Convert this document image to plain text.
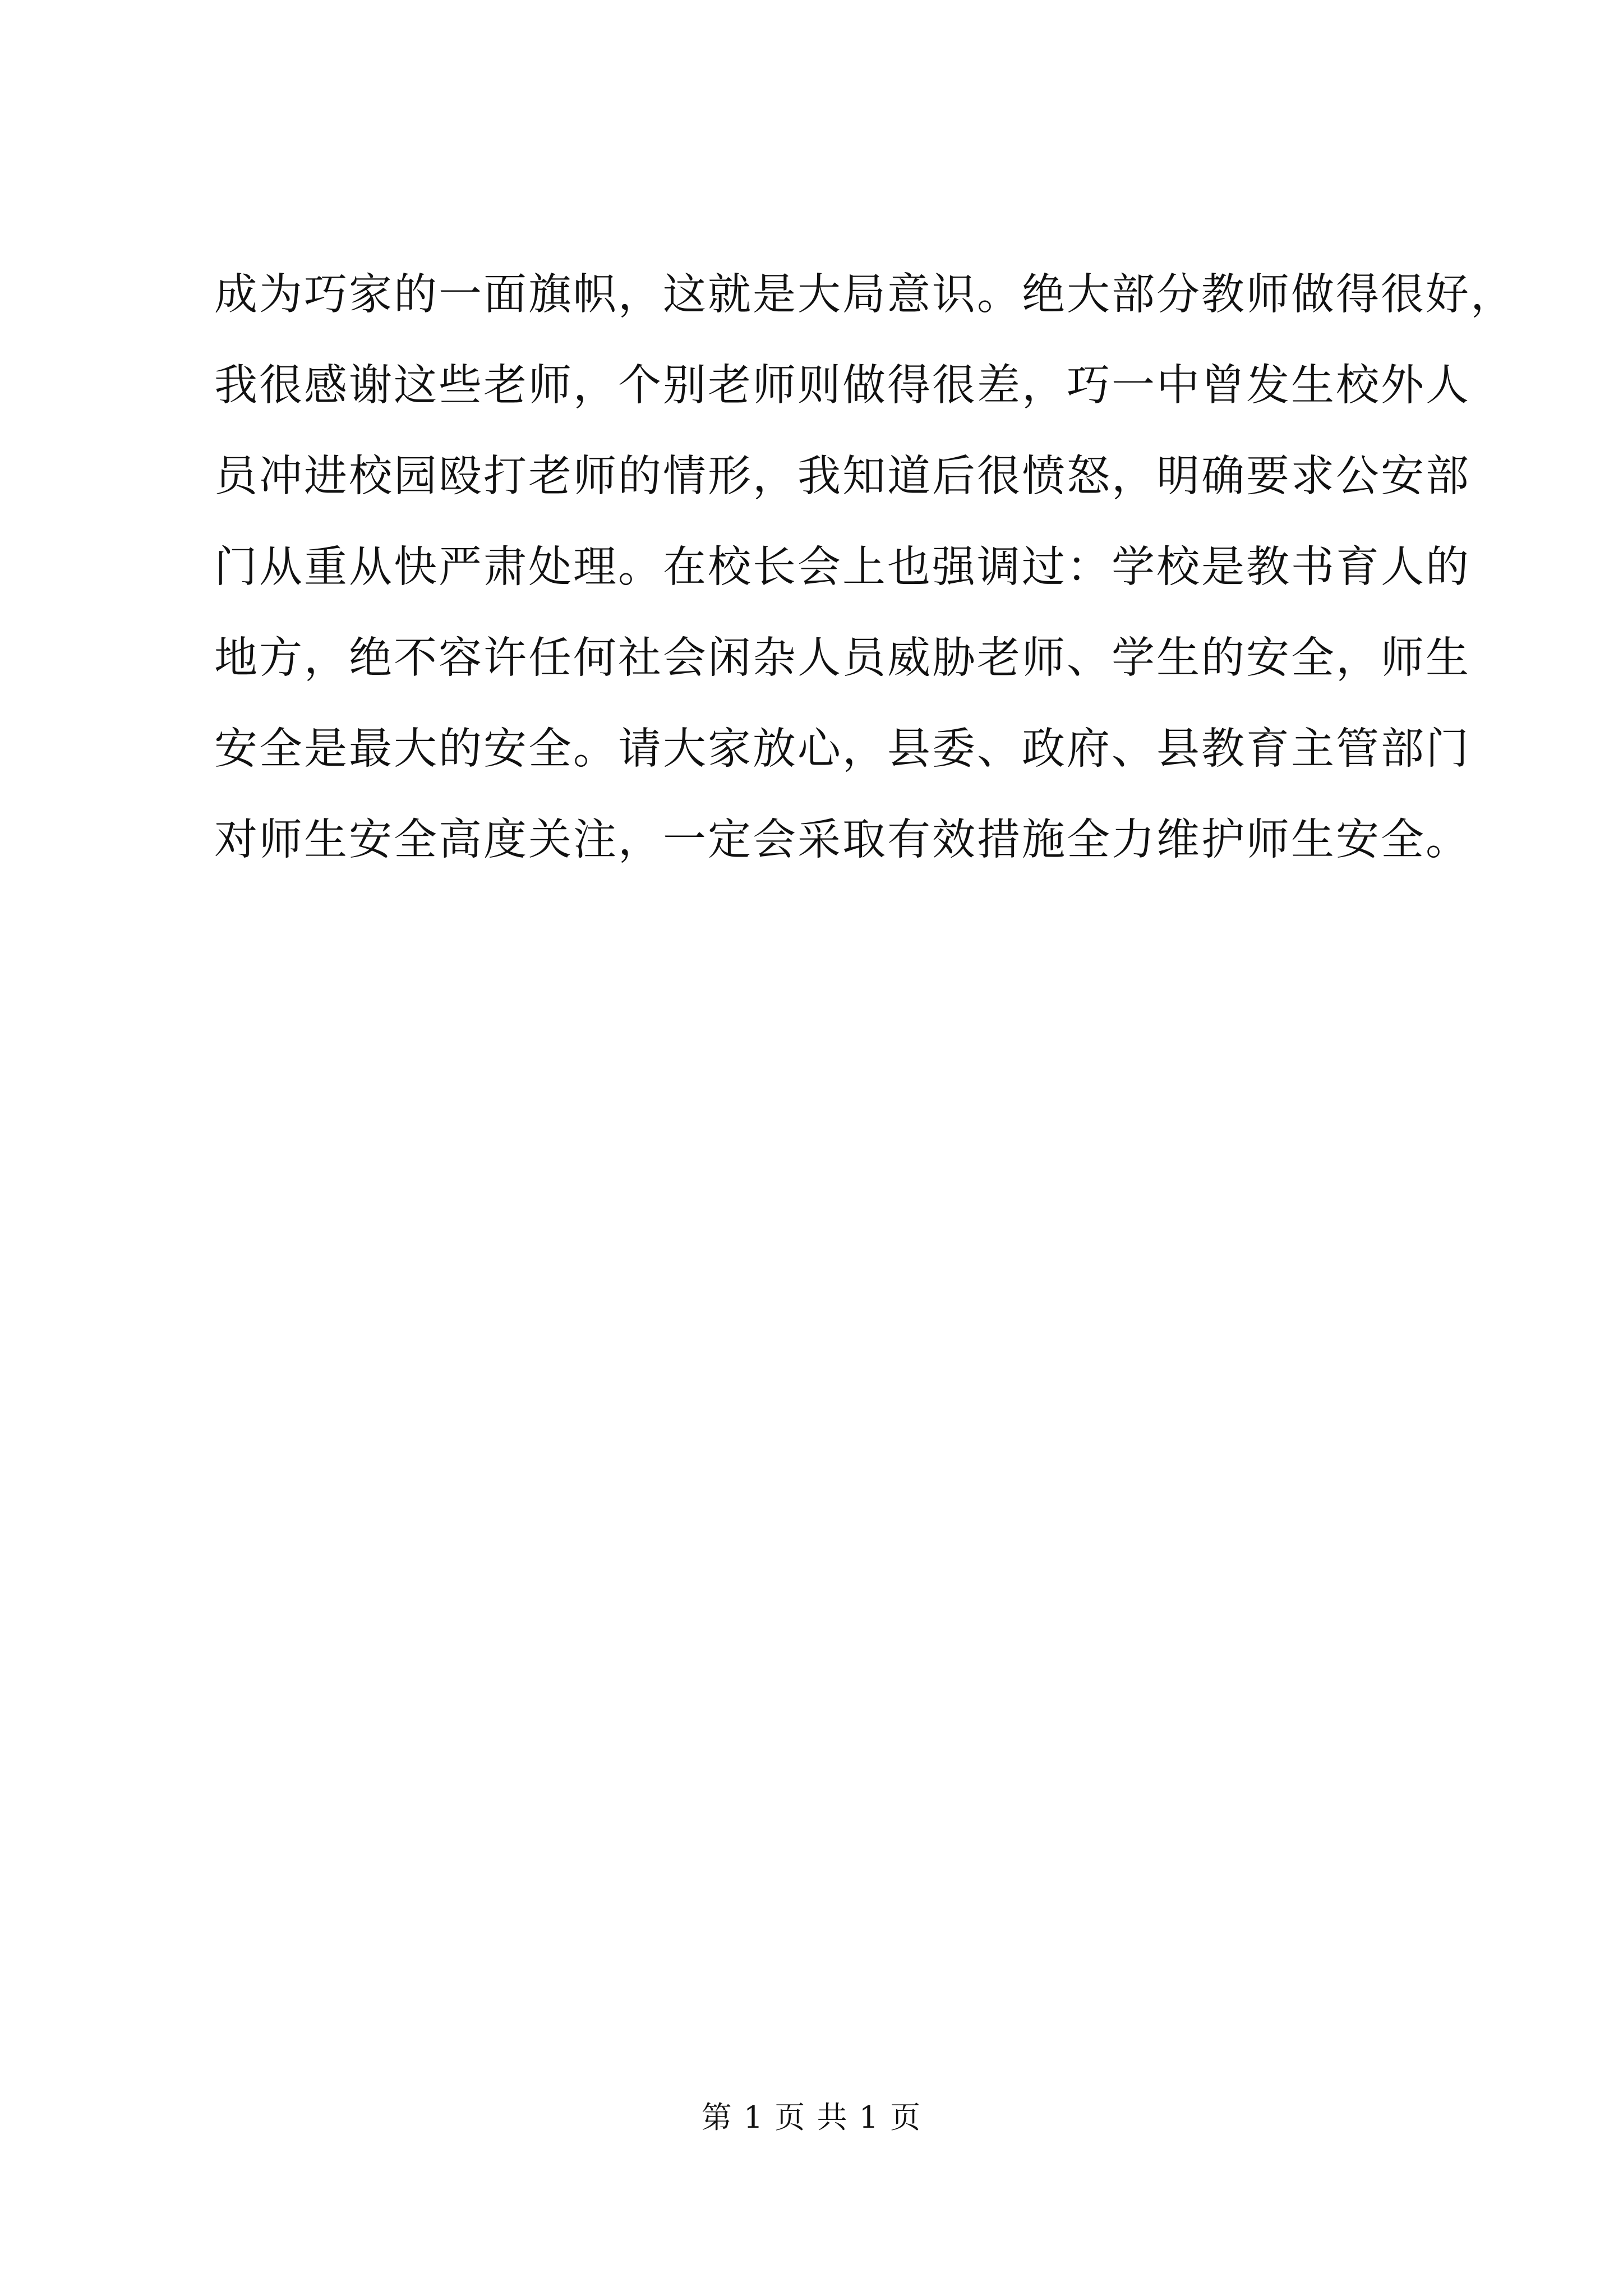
成为巧家的一面旗帜，这就是大局意识。绝大部分教师做得很好，
我很感谢这些老师，个别老师则做得很差，巧一中曾发生校外人
员冲进校园殴打老师的情形，我知道后很愤怒，明确要求公安部
门从重从快严肃处理。在校长会上也强调过：学校是教书育人的
地方，绝不容许任何社会闲杂人员威胁老师、学生的安全，师生
安全是最大的安全。请大家放心，县委、政府、县教育主管部门
对师生安全高度关注，一定会采取有效措施全力维护师生安全。
第 1 页 共 1 页
